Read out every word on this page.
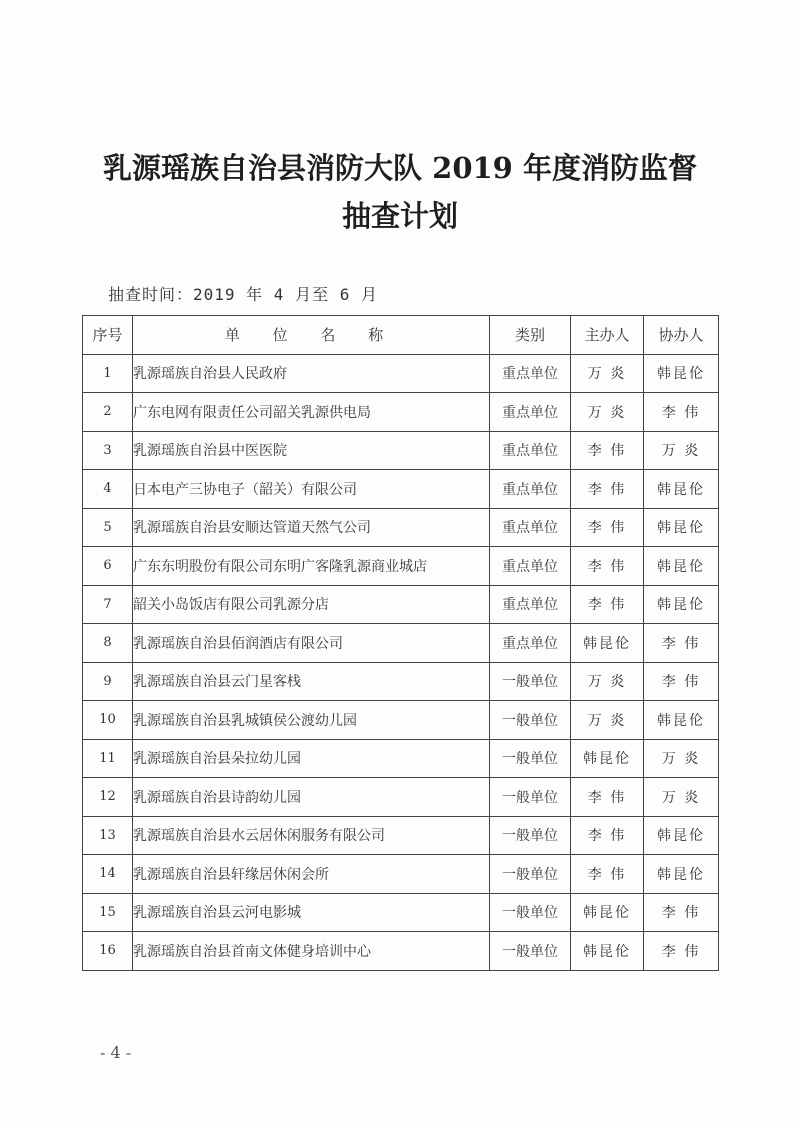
乳源瑶族自治县消防大队 2019 年度消防监督
抽查计划
抽查时间：2019 年 4 月至 6 月
序号	单 位 名 称	类别	主办人	协办人
1	乳源瑶族自治县人民政府	重点单位	万 炎	韩昆伦
2	广东电网有限责任公司韶关乳源供电局	重点单位	万 炎	李 伟
3	乳源瑶族自治县中医医院	重点单位	李 伟	万 炎
4	日本电产三协电子（韶关）有限公司	重点单位	李 伟	韩昆伦
5	乳源瑶族自治县安顺达管道天然气公司	重点单位	李 伟	韩昆伦
6	广东东明股份有限公司东明广客隆乳源商业城店	重点单位	李 伟	韩昆伦
7	韶关小岛饭店有限公司乳源分店	重点单位	李 伟	韩昆伦
8	乳源瑶族自治县佰润酒店有限公司	重点单位	韩昆伦	李 伟
9	乳源瑶族自治县云门星客栈	一般单位	万 炎	李 伟
10	乳源瑶族自治县乳城镇侯公渡幼儿园	一般单位	万 炎	韩昆伦
11	乳源瑶族自治县朵拉幼儿园	一般单位	韩昆伦	万 炎
12	乳源瑶族自治县诗韵幼儿园	一般单位	李 伟	万 炎
13	乳源瑶族自治县水云居休闲服务有限公司	一般单位	李 伟	韩昆伦
14	乳源瑶族自治县轩缘居休闲会所	一般单位	李 伟	韩昆伦
15	乳源瑶族自治县云河电影城	一般单位	韩昆伦	李 伟
16	乳源瑶族自治县首南文体健身培训中心	一般单位	韩昆伦	李 伟
- 4 -
